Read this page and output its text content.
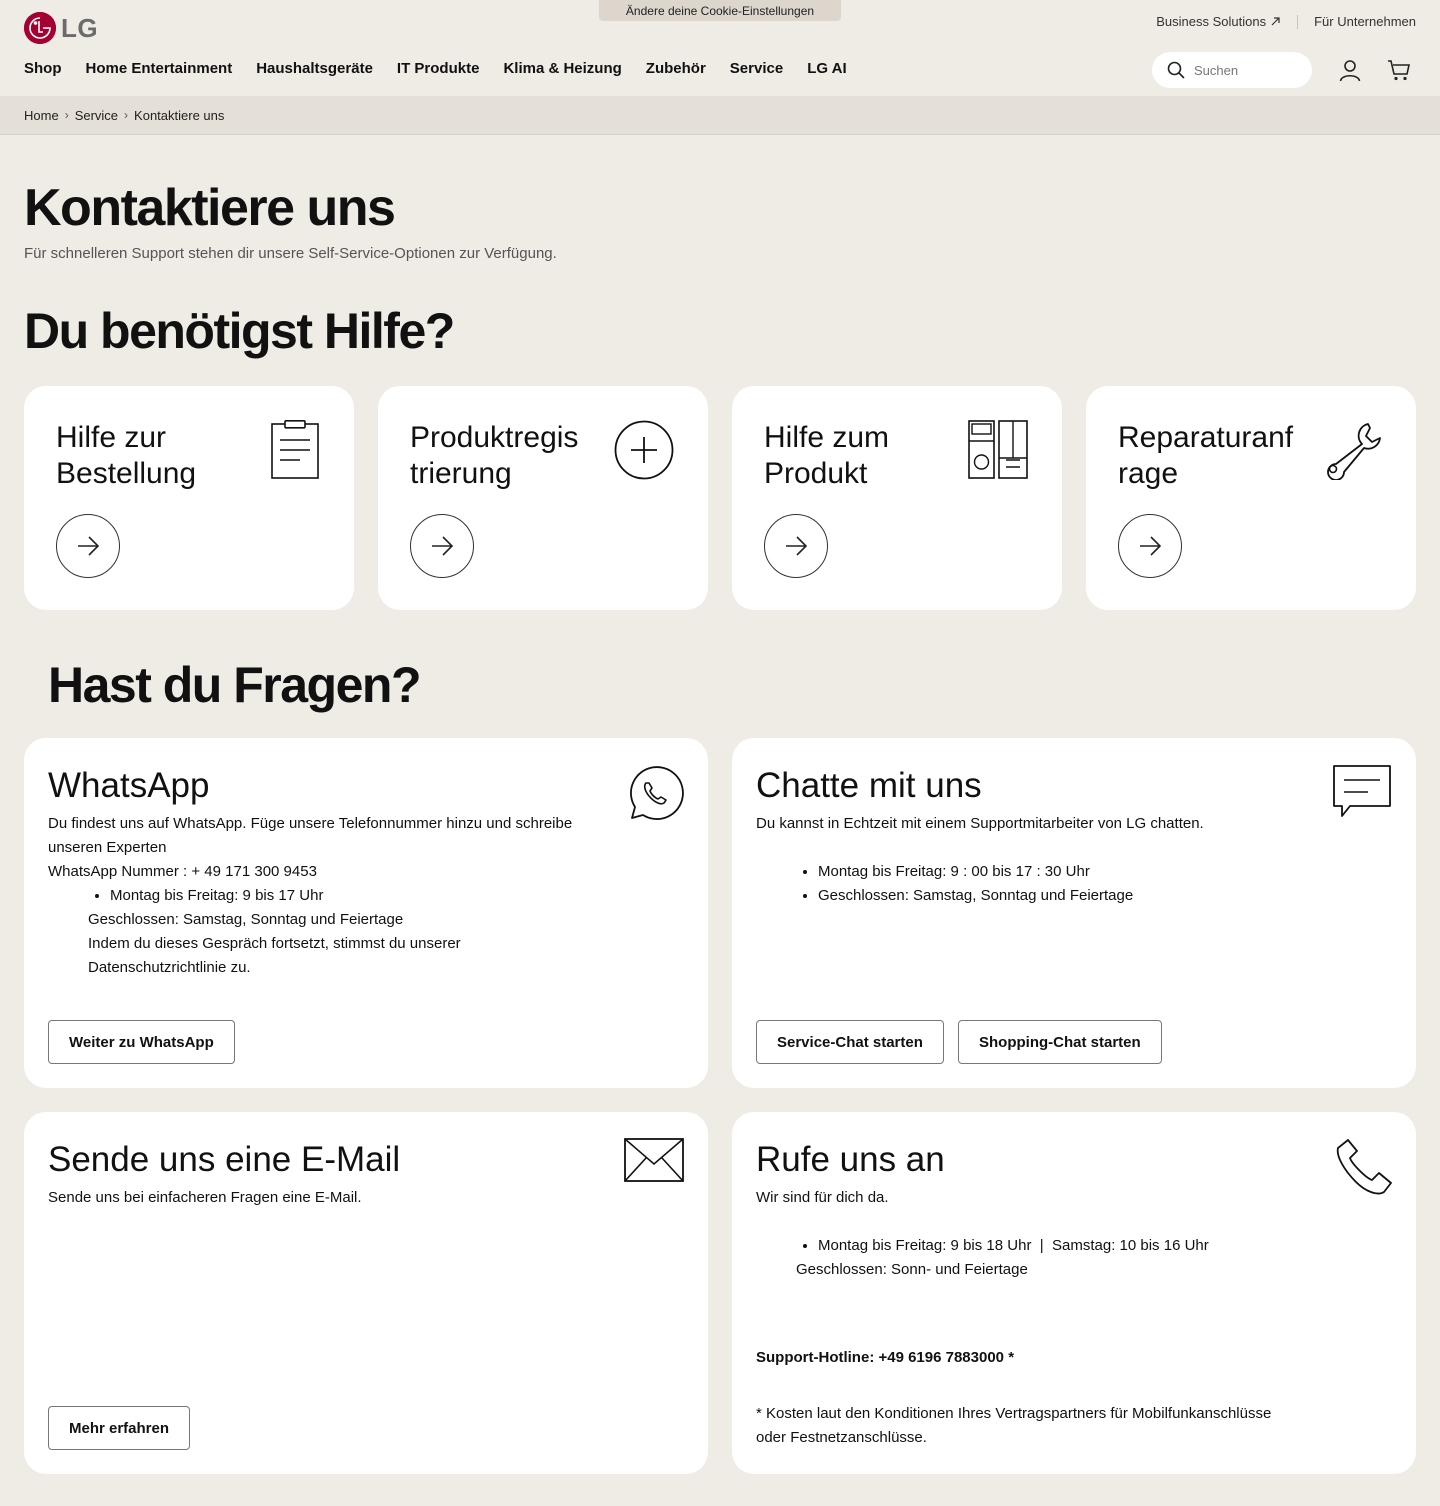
Ändere deine Cookie-Einstellungen
LG	Business Solutions	Für Unternehmen
Shop Home Entertainment Haushaltsgeräte IT Produkte Klima & Heizung Zubehör Service LG AI
Suchen
Home › Service › Kontaktiere uns
Kontaktiere uns

Für schnelleren Support stehen dir unsere Self-Service-Optionen zur Verfügung.

Du benötigst Hilfe?
Hilfe zur Bestellung
Produktregis trierung
Hilfe zum Produkt
Reparaturanf rage
Hast du Fragen?
WhatsApp

Du findest uns auf WhatsApp. Füge unsere Telefonnummer hinzu und schreibe unseren Experten

WhatsApp Nummer : + 49 171 300 9453

• Montag bis Freitag: 9 bis 17 Uhr

Geschlossen: Samstag, Sonntag und Feiertage

Indem du dieses Gespräch fortsetzt, stimmst du unserer Datenschutzrichtlinie zu.

Weiter zu WhatsApp
Chatte mit uns

Du kannst in Echtzeit mit einem Supportmitarbeiter von LG chatten.

• Montag bis Freitag: 9 : 00 bis 17 : 30 Uhr
• Geschlossen: Samstag, Sonntag und Feiertage
Service-Chat starten	Shopping-Chat starten
Sende uns eine E-Mail

Sende uns bei einfacheren Fragen eine E-Mail.

Mehr erfahren
Rufe uns an

Wir sind für dich da.

• Montag bis Freitag: 9 bis 18 Uhr  |  Samstag: 10 bis 16 Uhr

Geschlossen: Sonn- und Feiertage

Support-Hotline: +49 6196 7883000 *

* Kosten laut den Konditionen Ihres Vertragspartners für Mobilfunkanschlüsse oder Festnetzanschlüsse.
